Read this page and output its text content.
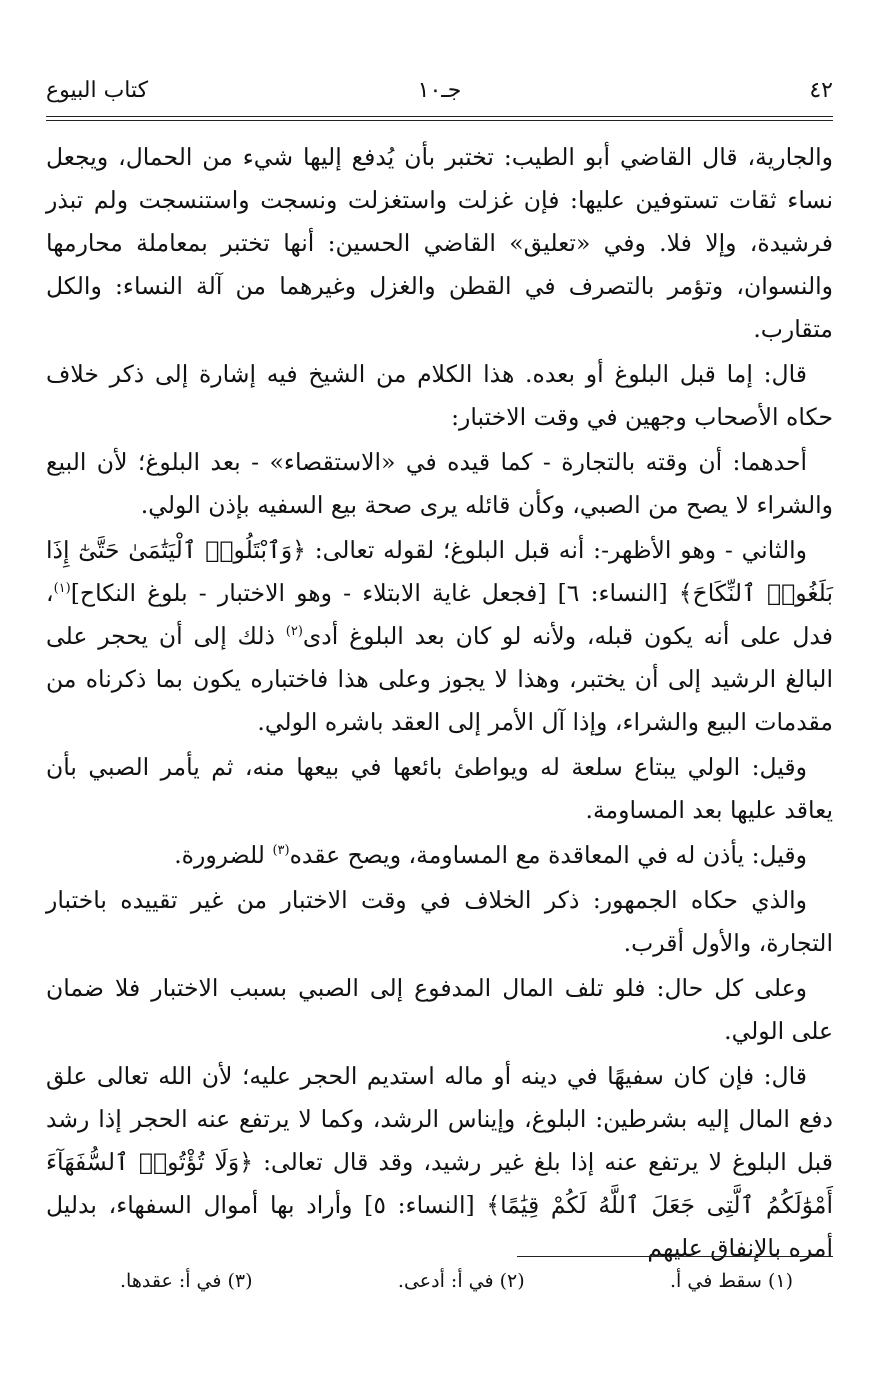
٤٢
جـ١٠
كتاب البيوع

والجارية، قال القاضي أبو الطيب: تختبر بأن يُدفع إليها شيء من الحمال، ويجعل نساء ثقات تستوفين عليها: فإن غزلت واستغزلت ونسجت واستنسجت ولم تبذر فرشيدة، وإلا فلا. وفي «تعليق» القاضي الحسين: أنها تختبر بمعاملة محارمها والنسوان، وتؤمر بالتصرف في القطن والغزل وغيرهما من آلة النساء: والكل متقارب.

قال: إما قبل البلوغ أو بعده. هذا الكلام من الشيخ فيه إشارة إلى ذكر خلاف حكاه الأصحاب وجهين في وقت الاختبار:

أحدهما: أن وقته بالتجارة - كما قيده في «الاستقصاء» - بعد البلوغ؛ لأن البيع والشراء لا يصح من الصبي، وكأن قائله يرى صحة بيع السفيه بإذن الولي.

والثاني - وهو الأظهر-: أنه قبل البلوغ؛ لقوله تعالى: ﴿وَٱبْتَلُوا۟ ٱلْيَتَٰمَىٰ حَتَّىٰٓ إِذَا بَلَغُوا۟ ٱلنِّكَاحَ﴾ [النساء: ٦] [فجعل غاية الابتلاء - وهو الاختبار - بلوغ النكاح]$^{(١)}$، فدل على أنه يكون قبله، ولأنه لو كان بعد البلوغ أدى$^{(٢)}$ ذلك إلى أن يحجر على البالغ الرشيد إلى أن يختبر، وهذا لا يجوز وعلى هذا فاختباره يكون بما ذكرناه من مقدمات البيع والشراء، وإذا آل الأمر إلى العقد باشره الولي.

وقيل: الولي يبتاع سلعة له ويواطئ بائعها في بيعها منه، ثم يأمر الصبي بأن يعاقد عليها بعد المساومة.

وقيل: يأذن له في المعاقدة مع المساومة، ويصح عقده$^{(٣)}$ للضرورة.

والذي حكاه الجمهور: ذكر الخلاف في وقت الاختبار من غير تقييده باختبار التجارة، والأول أقرب.

وعلى كل حال: فلو تلف المال المدفوع إلى الصبي بسبب الاختبار فلا ضمان على الولي.

قال: فإن كان سفيهًا في دينه أو ماله استديم الحجر عليه؛ لأن الله تعالى علق دفع المال إليه بشرطين: البلوغ، وإيناس الرشد، وكما لا يرتفع عنه الحجر إذا رشد قبل البلوغ لا يرتفع عنه إذا بلغ غير رشيد، وقد قال تعالى: ﴿وَلَا تُؤْتُوا۟ ٱلسُّفَهَآءَ أَمْوَٰلَكُمُ ٱلَّتِى جَعَلَ ٱللَّهُ لَكُمْ قِيَٰمًا﴾ [النساء: ٥] وأراد بها أموال السفهاء، بدليل أمره بالإنفاق عليهم

(١) سقط في أ.
(٢) في أ: أدعى.
(٣) في أ: عقدها.
